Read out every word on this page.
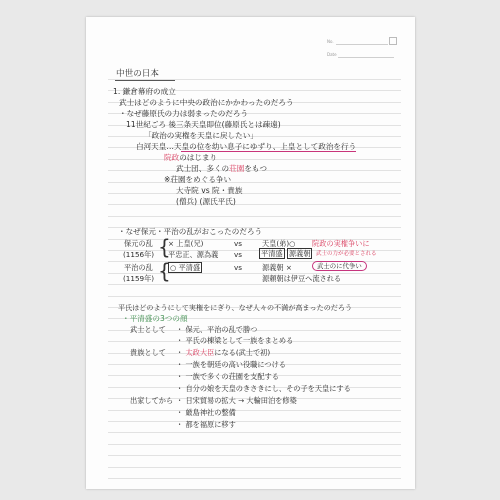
No.
Date
中世の日本
1. 鎌倉幕府の成立
武士はどのように中央の政治にかかわったのだろう
・なぜ藤原氏の力は弱まったのだろう
11世紀ごろ 後三条天皇即位(藤原氏とは疎遠)
「政治の実権を天皇に戻したい」
白河天皇…天皇の位を幼い息子にゆずり、上皇として政治を行う
院政のはじまり
武士団、多くの荘園をもつ
※荘園をめぐる争い
大寺院 vs 院・貴族
(僧兵) (源氏平氏)
・なぜ保元・平治の乱がおこったのだろう
保元の乱
(1156年) {
× 上皇(兄)	vs	天皇(弟)○ 院政の実権争いに
平忠正、源為義 vs	平清盛 源義朝	武士の力が必要とされる
平治の乱
(1159年) { ○ 平清盛	vs	源義朝 ×	武士のに代争い
源頼朝は伊豆へ流される
平氏はどのようにして実権をにぎり、なぜ人々の不満が高まったのだろう
・平清盛の3つの顔
武士として ・ 保元、平治の乱で勝つ
・ 平氏の棟梁として一族をまとめる
貴族として ・ 太政大臣になる(武士で初)
・ 一族を朝廷の高い役職につける
・ 一族で多くの荘園を支配する
・ 自分の娘を天皇のきさきにし、その子を天皇にする
出家してから ・ 日宋貿易の拡大 → 大輪田泊を修築
・ 厳島神社の整備
・ 都を福原に移す
